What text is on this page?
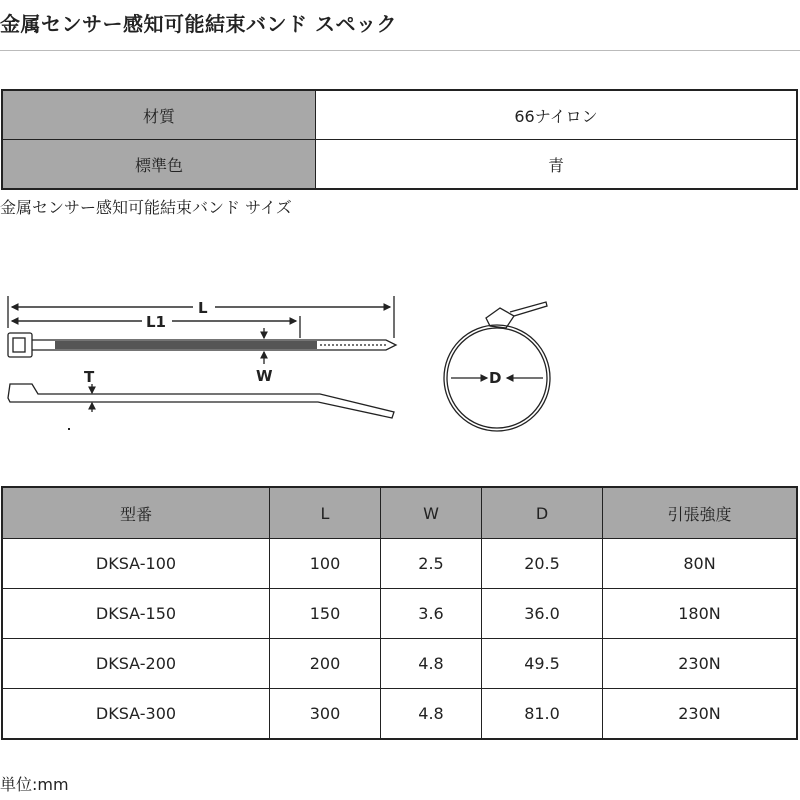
金属センサー感知可能結束バンド スペック
材質	66ナイロン
標準色	青
金属センサー感知可能結束バンド サイズ
L
L1
W
T	D
型番	L	W	D	引張強度
DKSA-100	100	2.5	20.5	80N
DKSA-150	150	3.6	36.0	180N
DKSA-200	200	4.8	49.5	230N
DKSA-300	300	4.8	81.0	230N
単位:mm
